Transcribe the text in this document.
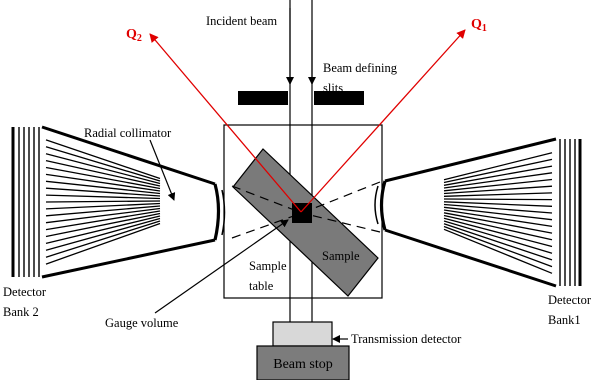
Incident beam
Beam defining
slits
Radial collimator
Sample
Sample
table
Gauge volume
Transmission detector
Beam stop
Detector
Bank 2
Detector
Bank1
Q2
Q1
